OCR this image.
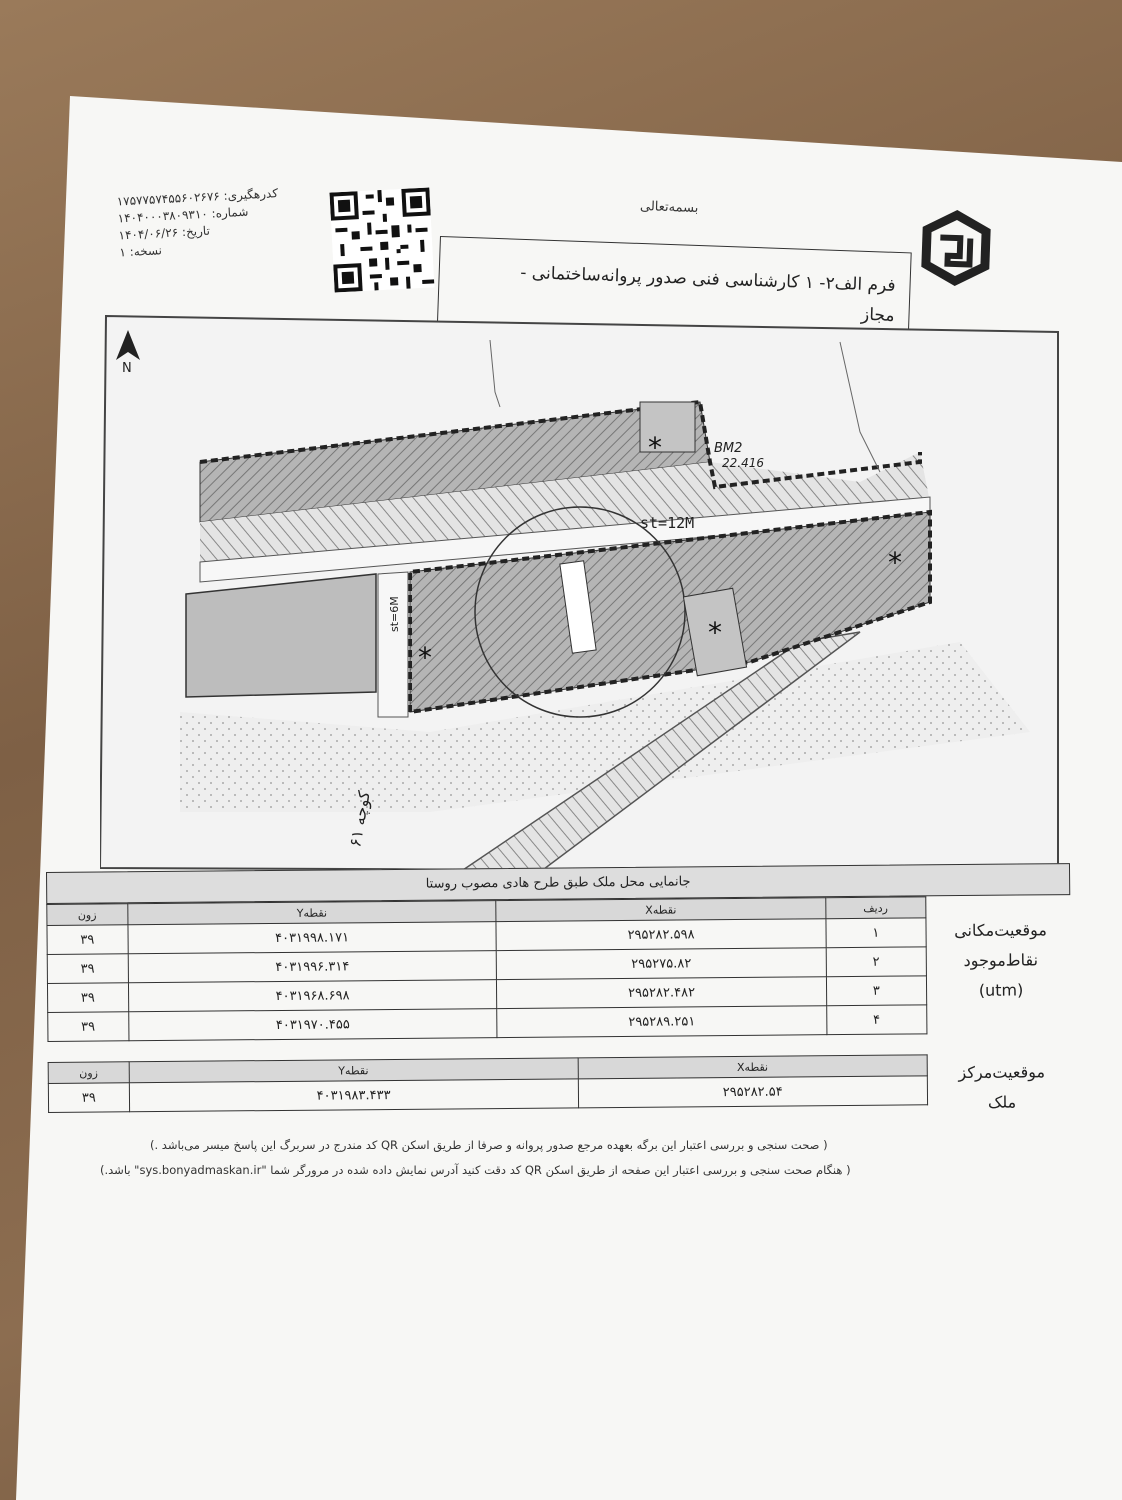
کدرهگیری: ۱۷۵۷۷۵۷۴۵۵۶۰۲۶۷۶
شماره: ۱۴۰۴۰۰۰۳۸۰۹۳۱۰
تاریخ: ۱۴۰۴/۰۶/۲۶
نسخه: ۱
بسمه‌تعالی
فرم الف۲- ۱ کارشناسی فنی صدور پروانه‌ساختمانی -
مجاز
st=12M
*
*
*
*
st=6M
کوچه ۶۱
BM2
22.416
N
جانمایی محل ملک طبق طرح هادی مصوب روستا
زون	Yنقطه	Xنقطه	ردیف
۳۹	۴۰۳۱۹۹۸.۱۷۱	۲۹۵۲۸۲.۵۹۸	۱
۳۹	۴۰۳۱۹۹۶.۳۱۴	۲۹۵۲۷۵.۸۲	۲
۳۹	۴۰۳۱۹۶۸.۶۹۸	۲۹۵۲۸۲.۴۸۲	۳
۳۹	۴۰۳۱۹۷۰.۴۵۵	۲۹۵۲۸۹.۲۵۱	۴
موقعیت‌مکانی
نقاط‌موجود
(utm)
زون	Yنقطه	Xنقطه
۳۹	۴۰۳۱۹۸۳.۴۳۳	۲۹۵۲۸۲.۵۴
موقعیت‌مرکز
ملک
( صحت سنجی و بررسی اعتبار این برگه بعهده مرجع صدور پروانه و صرفا از طریق اسکن QR کد مندرج در سربرگ این پاسخ میسر می‌باشد .)
( هنگام صحت سنجی و بررسی اعتبار این صفحه از طریق اسکن QR کد دقت کنید آدرس نمایش داده شده در مرورگر شما "sys.bonyadmaskan.ir" باشد.)
